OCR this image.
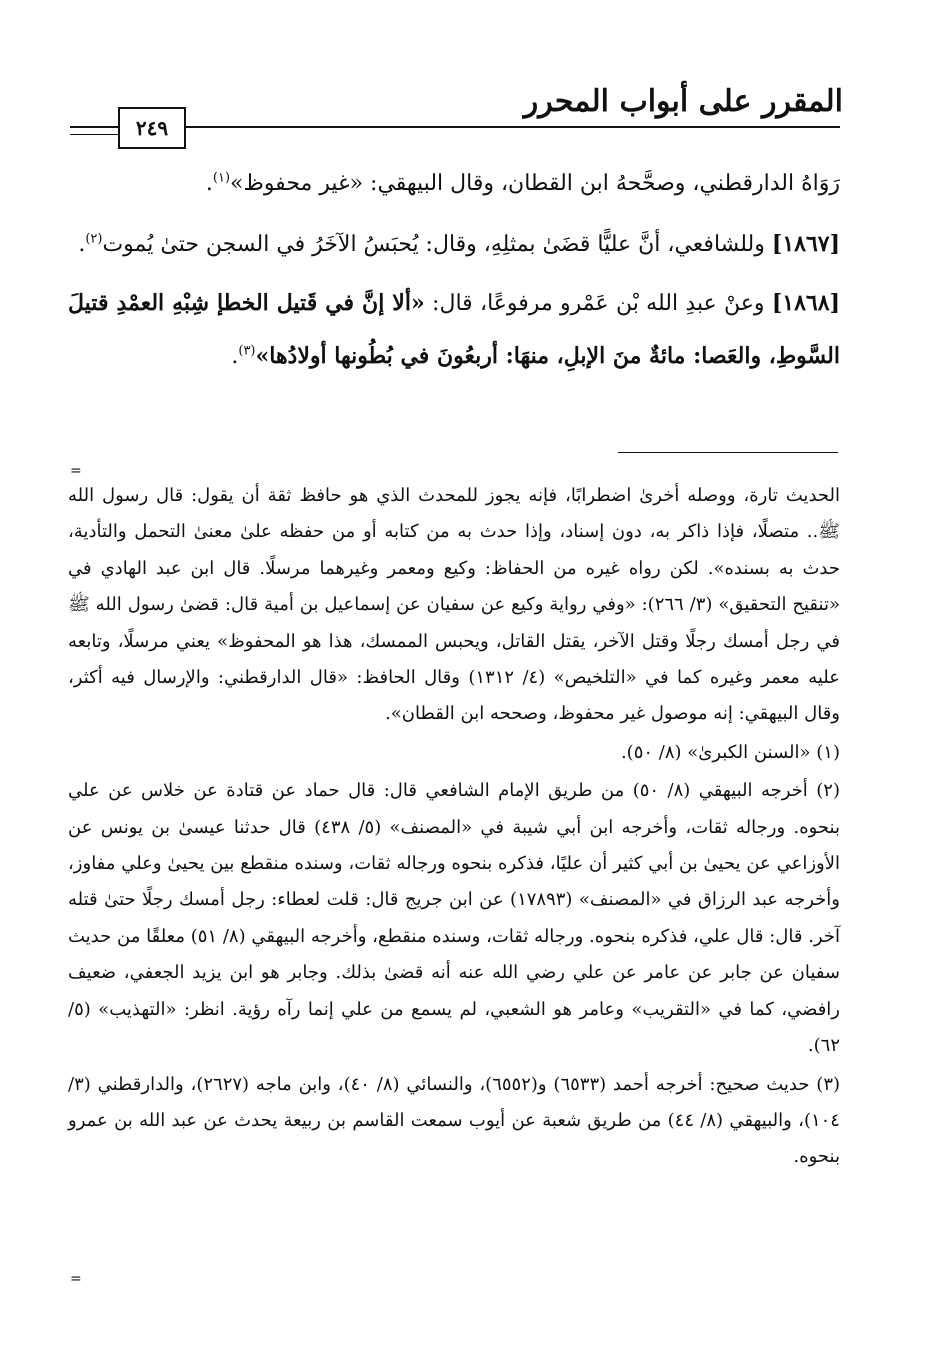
المقرر على أبواب المحرر
٢٤٩

رَوَاهُ الدارقطني، وصحَّحهُ ابن القطان، وقال البيهقي: «غير محفوظ»$^{(١)}$.

[١٨٦٧] وللشافعي، أنَّ عليًّا قضَىٰ بمثلِهِ، وقال: يُحبَسُ الآخَرُ في السجن حتىٰ يُموت$^{(٢)}$.

[١٨٦٨] وعنْ عبدِ الله بْن عَمْرو مرفوعًا، قال: «ألا إنَّ في قَتيل الخطإ شِبْهِ العمْدِ قتيلَ السَّوطِ، والعَصا: مائةٌ منَ الإبلِ، منهَا: أربعُونَ في بُطُونها أولادُها»$^{(٣)}$.

=

الحديث تارة، ووصله أخرىٰ اضطرابًا، فإنه يجوز للمحدث الذي هو حافظ ثقة أن يقول: قال رسول الله ﷺ.. متصلًا، فإذا ذاكر به، دون إسناد، وإذا حدث به من كتابه أو من حفظه علىٰ معنىٰ التحمل والتأدية، حدث به بسنده». لكن رواه غيره من الحفاظ: وكيع ومعمر وغيرهما مرسلًا. قال ابن عبد الهادي في «تنقيح التحقيق» (٣/ ٢٦٦): «وفي رواية وكيع عن سفيان عن إسماعيل بن أمية قال: قضىٰ رسول الله ﷺ في رجل أمسك رجلًا وقتل الآخر، يقتل القاتل، ويحبس الممسك، هذا هو المحفوظ» يعني مرسلًا، وتابعه عليه معمر وغيره كما في «التلخيص» (٤/ ١٣١٢) وقال الحافظ: «قال الدارقطني: والإرسال فيه أكثر، وقال البيهقي: إنه موصول غير محفوظ، وصححه ابن القطان».

(١) «السنن الكبرىٰ» (٨/ ٥٠).

(٢) أخرجه البيهقي (٨/ ٥٠) من طريق الإمام الشافعي قال: قال حماد عن قتادة عن خلاس عن علي بنحوه. ورجاله ثقات، وأخرجه ابن أبي شيبة في «المصنف» (٥/ ٤٣٨) قال حدثنا عيسىٰ بن يونس عن الأوزاعي عن يحيىٰ بن أبي كثير أن عليًا، فذكره بنحوه ورجاله ثقات، وسنده منقطع بين يحيىٰ وعلي مفاوز، وأخرجه عبد الرزاق في «المصنف» (١٧٨٩٣) عن ابن جريج قال: قلت لعطاء: رجل أمسك رجلًا حتىٰ قتله آخر. قال: قال علي، فذكره بنحوه. ورجاله ثقات، وسنده منقطع، وأخرجه البيهقي (٨/ ٥١) معلقًا من حديث سفيان عن جابر عن عامر عن علي رضي الله عنه أنه قضىٰ بذلك. وجابر هو ابن يزيد الجعفي، ضعيف رافضي، كما في «التقريب» وعامر هو الشعبي، لم يسمع من علي إنما رآه رؤية. انظر: «التهذيب» (٥/ ٦٢).

(٣) حديث صحيح: أخرجه أحمد (٦٥٣٣) و(٦٥٥٢)، والنسائي (٨/ ٤٠)، وابن ماجه (٢٦٢٧)، والدارقطني (٣/ ١٠٤)، والبيهقي (٨/ ٤٤) من طريق شعبة عن أيوب سمعت القاسم بن ربيعة يحدث عن عبد الله بن عمرو بنحوه.

=
